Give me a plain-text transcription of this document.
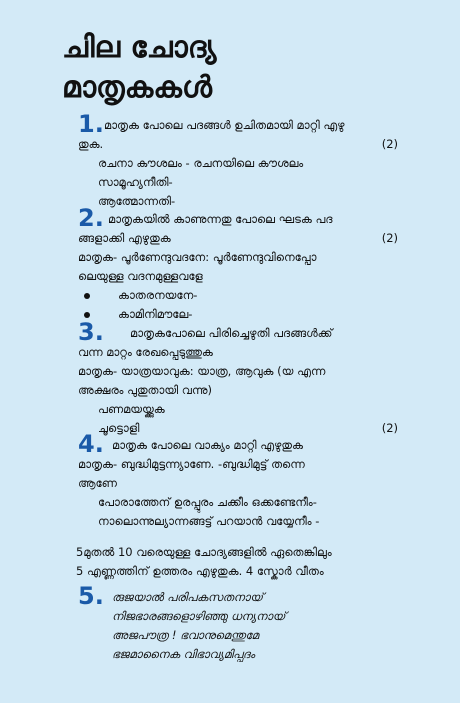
ചില ചോദ്യ
മാതൃകകൾ
1. മാതൃക പോലെ പദങ്ങൾ ഉചിതമായി മാറ്റി എഴു
തുക.	(2)
രചനാ കൗശലം - രചനയിലെ കൗശലം
സാമൂഹ്യനീതി-
ആത്മോന്നതി-
2. മാതൃകയിൽ കാണുന്നതു പോലെ ഘടക പദ
ങ്ങളാക്കി എഴുതുക	(2)
മാതൃക- പൂർണേന്ദുവദനേ: പൂർണേന്ദുവിനെപ്പോ
ലെയുള്ള വദനമുള്ളവളേ
കാതരനയനേ-
കാമിനിമൗലേ-
3.	മാതൃകപോലെ പിരിച്ചെഴുതി പദങ്ങൾക്ക്
വന്ന മാറ്റം രേഖപ്പെടുത്തുക
മാതൃക- യാത്രയാവുക: യാത്ര, ആവുക (യ എന്ന
അക്ഷരം പുതുതായി വന്നു)
പണമയയ്ക്കുക
ചൂട്ടൊളി	(2)
4. മാതൃക പോലെ വാക്യം മാറ്റി എഴുതുക
മാതൃക- ബുദ്ധിമുട്ടന്ന്യാണേ. -ബുദ്ധിമുട്ട് തന്നെ
ആണേ
പോരാത്തേന് ഉരപ്പുരം ചക്കീം ഒക്കണ്ടേനീം-
നാലൊന്നുല്യാന്നങ്ങട്ട് പറയാൻ വയ്യേനീം -
5മുതൽ 10 വരെയുള്ള ചോദ്യങ്ങളിൽ ഏതെങ്കിലും
5 എണ്ണത്തിന് ഉത്തരം എഴുതുക. 4 സ്കോർ വീതം
5. രുജയാൽ പരിപകസതനായ്
നിജഭാരങ്ങളൊഴിഞ്ഞു ധന്യനായ്
അജപൗത്ര ! ഭവാനുമെന്തുമേ
ഭജമാനൈക വിഭാവ്യമിപ്പദം
